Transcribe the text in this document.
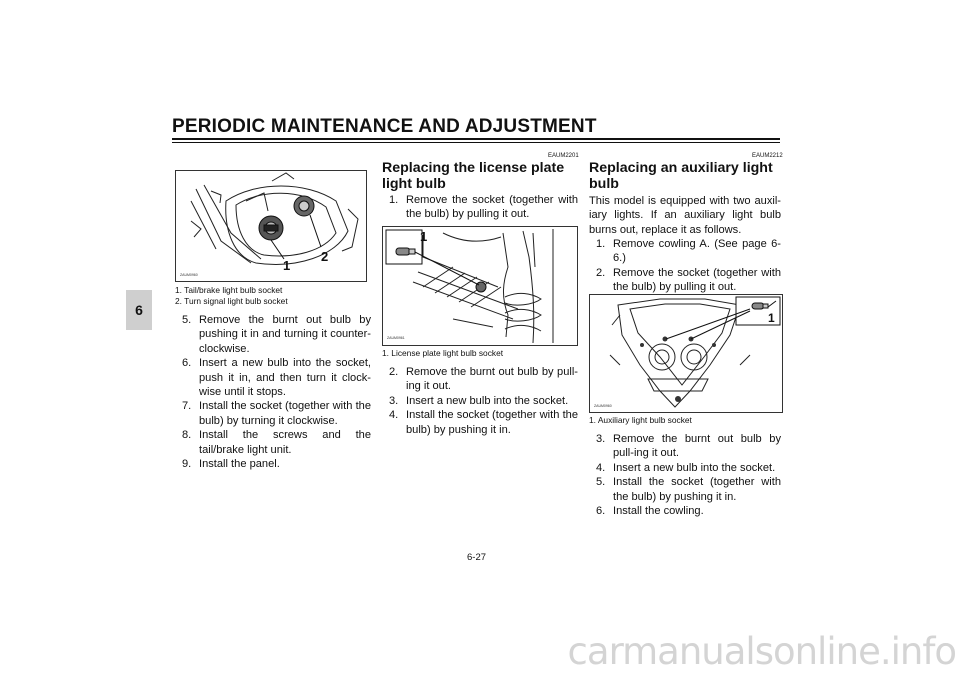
PERIODIC MAINTENANCE AND ADJUSTMENT
6
1
2
ZAUM0960
1. Tail/brake light bulb socket
2. Turn signal light bulb socket
5. Remove the burnt out bulb by pushing it in and turning it counter-clockwise.
6. Insert a new bulb into the socket, push it in, and then turn it clock-wise until it stops.
7. Install the socket (together with the bulb) by turning it clockwise.
8. Install the screws and the tail/brake light unit.
9. Install the panel.
EAUM2201
Replacing the license plate light bulb
1. Remove the socket (together with the bulb) by pulling it out.
1
ZAUM0961
1. License plate light bulb socket
2. Remove the burnt out bulb by pull-ing it out.
3. Insert a new bulb into the socket.
4. Install the socket (together with the bulb) by pushing it in.
EAUM2212
Replacing an auxiliary light bulb
This model is equipped with two auxil-iary lights. If an auxiliary light bulb burns out, replace it as follows.
1. Remove cowling A. (See page 6-6.)
2. Remove the socket (together with the bulb) by pulling it out.
1
ZAUM0960
1. Auxiliary light bulb socket
3. Remove the burnt out bulb by pull-ing it out.
4. Insert a new bulb into the socket.
5. Install the socket (together with the bulb) by pushing it in.
6. Install the cowling.
6-27
carmanualsonline.info
